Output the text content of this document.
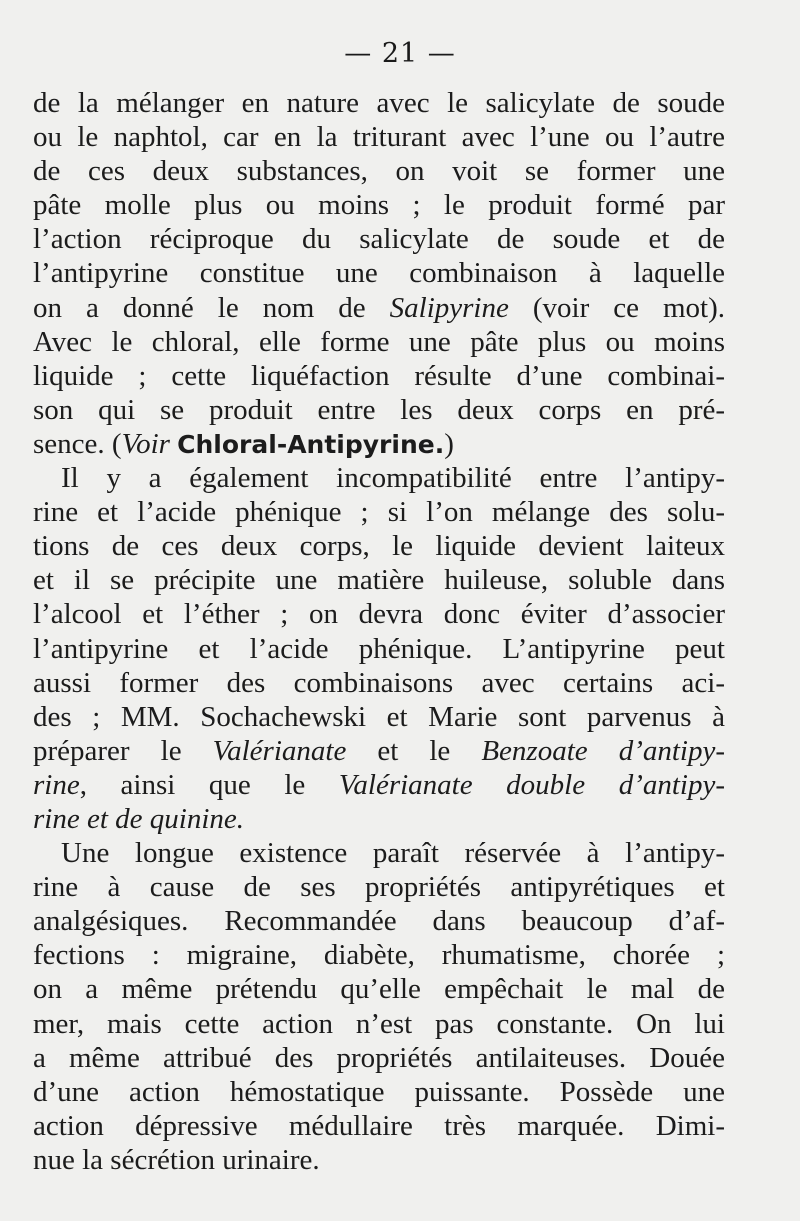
— 21 —
de la mélanger en nature avec le salicylate de soude
ou le naphtol, car en la triturant avec l’une ou l’autre
de ces deux substances, on voit se former une
pâte molle plus ou moins ; le produit formé par
l’action réciproque du salicylate de soude et de
l’antipyrine constitue une combinaison à laquelle
on a donné le nom de Salipyrine (voir ce mot).
Avec le chloral, elle forme une pâte plus ou moins
liquide ; cette liquéfaction résulte d’une combinai-
son qui se produit entre les deux corps en pré-
sence. (Voir Chloral-Antipyrine.)
Il y a également incompatibilité entre l’antipy-
rine et l’acide phénique ; si l’on mélange des solu-
tions de ces deux corps, le liquide devient laiteux
et il se précipite une matière huileuse, soluble dans
l’alcool et l’éther ; on devra donc éviter d’associer
l’antipyrine et l’acide phénique. L’antipyrine peut
aussi former des combinaisons avec certains aci-
des ; MM. Sochachewski et Marie sont parvenus à
préparer le Valérianate et le Benzoate d’antipy-
rine, ainsi que le Valérianate double d’antipy-
rine et de quinine.
Une longue existence paraît réservée à l’antipy-
rine à cause de ses propriétés antipyrétiques et
analgésiques. Recommandée dans beaucoup d’af-
fections : migraine, diabète, rhumatisme, chorée ;
on a même prétendu qu’elle empêchait le mal de
mer, mais cette action n’est pas constante. On lui
a même attribué des propriétés antilaiteuses. Douée
d’une action hémostatique puissante. Possède une
action dépressive médullaire très marquée. Dimi-
nue la sécrétion urinaire.
